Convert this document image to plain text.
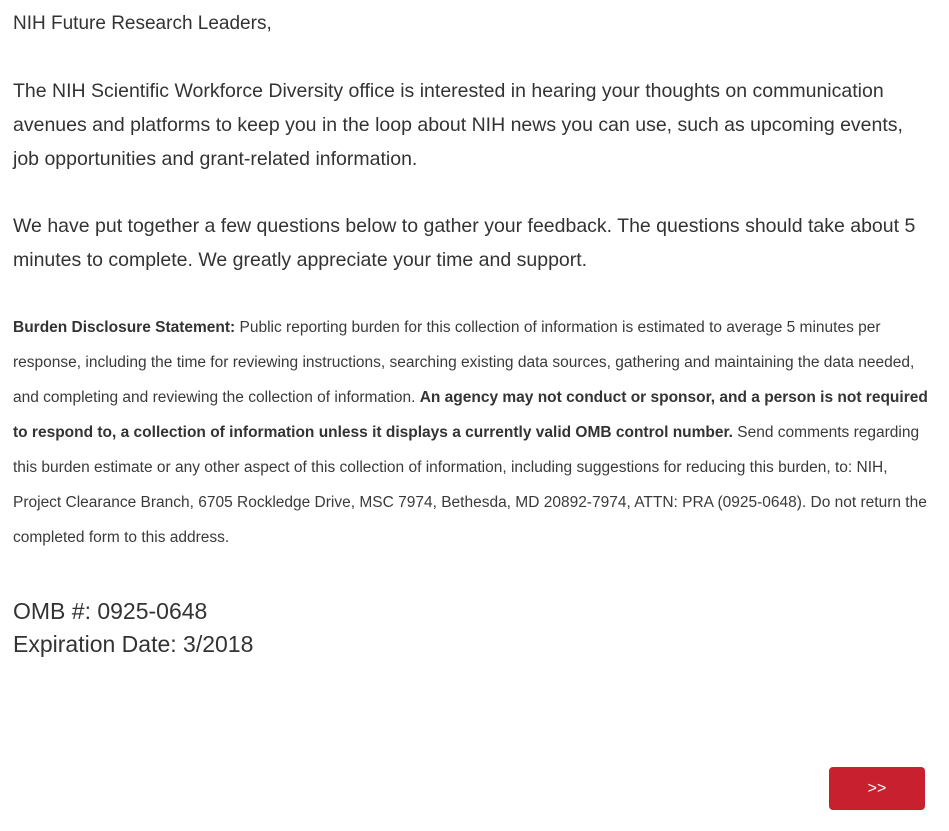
NIH Future Research Leaders,

The NIH Scientific Workforce Diversity office is interested in hearing your thoughts on communication avenues and platforms to keep you in the loop about NIH news you can use, such as upcoming events, job opportunities and grant-related information.

We have put together a few questions below to gather your feedback. The questions should take about 5 minutes to complete. We greatly appreciate your time and support.

Burden Disclosure Statement: Public reporting burden for this collection of information is estimated to average 5 minutes per response, including the time for reviewing instructions, searching existing data sources, gathering and maintaining the data needed, and completing and reviewing the collection of information. An agency may not conduct or sponsor, and a person is not required to respond to, a collection of information unless it displays a currently valid OMB control number. Send comments regarding this burden estimate or any other aspect of this collection of information, including suggestions for reducing this burden, to: NIH, Project Clearance Branch, 6705 Rockledge Drive, MSC 7974, Bethesda, MD 20892-7974, ATTN: PRA (0925-0648). Do not return the completed form to this address.

OMB #: 0925-0648
Expiration Date: 3/2018
>>
